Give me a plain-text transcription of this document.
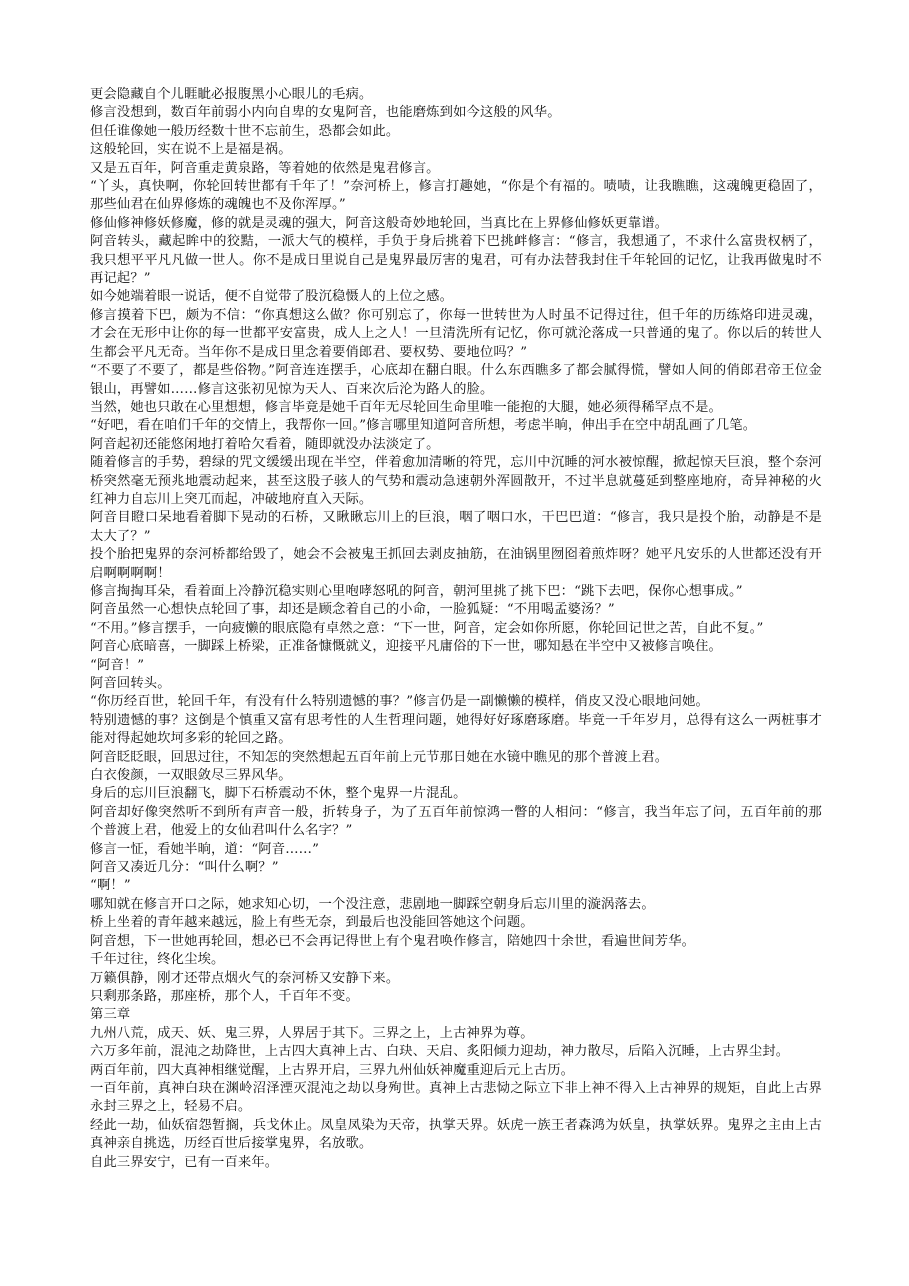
更会隐藏自个儿睚眦必报腹黑小心眼儿的毛病。

修言没想到，数百年前弱小内向自卑的女鬼阿音，也能磨炼到如今这般的风华。

但任谁像她一般历经数十世不忘前生，恐都会如此。

这般轮回，实在说不上是福是祸。

又是五百年，阿音重走黄泉路，等着她的依然是鬼君修言。

“丫头，真快啊，你轮回转世都有千年了！”奈河桥上，修言打趣她，“你是个有福的。啧啧，让我瞧瞧，这魂魄更稳固了，那些仙君在仙界修炼的魂魄也不及你浑厚。”

修仙修神修妖修魔，修的就是灵魂的强大，阿音这般奇妙地轮回，当真比在上界修仙修妖更靠谱。

阿音转头，藏起眸中的狡黠，一派大气的模样，手负于身后挑着下巴挑衅修言：“修言，我想通了，不求什么富贵权柄了，我只想平平凡凡做一世人。你不是成日里说自己是鬼界最厉害的鬼君，可有办法替我封住千年轮回的记忆，让我再做鬼时不再记起？”

如今她端着眼一说话，便不自觉带了股沉稳慑人的上位之感。

修言摸着下巴，颇为不信：“你真想这么做？你可别忘了，你每一世转世为人时虽不记得过往，但千年的历练烙印进灵魂，才会在无形中让你的每一世都平安富贵，成人上之人！一旦清洗所有记忆，你可就沦落成一只普通的鬼了。你以后的转世人生都会平凡无奇。当年你不是成日里念着要俏郎君、要权势、要地位吗？”

“不要了不要了，都是些俗物。”阿音连连摆手，心底却在翻白眼。什么东西瞧多了都会腻得慌，譬如人间的俏郎君帝王位金银山，再譬如……修言这张初见惊为天人、百来次后沦为路人的脸。

当然，她也只敢在心里想想，修言毕竟是她千百年无尽轮回生命里唯一能抱的大腿，她必须得稀罕点不是。

“好吧，看在咱们千年的交情上，我帮你一回。”修言哪里知道阿音所想，考虑半晌，伸出手在空中胡乱画了几笔。

阿音起初还能悠闲地打着哈欠看着，随即就没办法淡定了。

随着修言的手势，碧绿的咒文缓缓出现在半空，伴着愈加清晰的符咒，忘川中沉睡的河水被惊醒，掀起惊天巨浪，整个奈河桥突然毫无预兆地震动起来，甚至这股子骇人的气势和震动急速朝外浑圆散开，不过半息就蔓延到整座地府，奇异神秘的火红神力自忘川上突兀而起，冲破地府直入天际。

阿音目瞪口呆地看着脚下晃动的石桥，又瞅瞅忘川上的巨浪，咽了咽口水，干巴巴道：“修言，我只是投个胎，动静是不是太大了？”

投个胎把鬼界的奈河桥都给毁了，她会不会被鬼王抓回去剥皮抽筋，在油锅里囫囵着煎炸呀？她平凡安乐的人世都还没有开启啊啊啊啊！

修言掏掏耳朵，看着面上冷静沉稳实则心里咆哮怒吼的阿音，朝河里挑了挑下巴：“跳下去吧，保你心想事成。”

阿音虽然一心想快点轮回了事，却还是顾念着自己的小命，一脸狐疑：“不用喝孟婆汤？”

“不用。”修言摆手，一向疲懒的眼底隐有卓然之意：“下一世，阿音，定会如你所愿，你轮回记世之苦，自此不复。”

阿音心底暗喜，一脚踩上桥梁，正准备慷慨就义，迎接平凡庸俗的下一世，哪知悬在半空中又被修言唤住。

“阿音！”

阿音回转头。

“你历经百世，轮回千年，有没有什么特别遗憾的事？”修言仍是一副懒懒的模样，俏皮又没心眼地问她。

特别遗憾的事？这倒是个慎重又富有思考性的人生哲理问题，她得好好琢磨琢磨。毕竟一千年岁月，总得有这么一两桩事才能对得起她坎坷多彩的轮回之路。

阿音眨眨眼，回思过往，不知怎的突然想起五百年前上元节那日她在水镜中瞧见的那个普渡上君。

白衣俊颜，一双眼敛尽三界风华。

身后的忘川巨浪翻飞，脚下石桥震动不休，整个鬼界一片混乱。

阿音却好像突然听不到所有声音一般，折转身子，为了五百年前惊鸿一瞥的人相问：“修言，我当年忘了问，五百年前的那个普渡上君，他爱上的女仙君叫什么名字？”

修言一怔，看她半晌，道：“阿音……”

阿音又凑近几分：“叫什么啊？”

“啊！”

哪知就在修言开口之际，她求知心切，一个没注意，悲剧地一脚踩空朝身后忘川里的漩涡落去。

桥上坐着的青年越来越远，脸上有些无奈，到最后也没能回答她这个问题。

阿音想，下一世她再轮回，想必已不会再记得世上有个鬼君唤作修言，陪她四十余世，看遍世间芳华。

千年过往，终化尘埃。

万籁俱静，刚才还带点烟火气的奈河桥又安静下来。

只剩那条路，那座桥，那个人，千百年不变。

第三章

九州八荒，成天、妖、鬼三界，人界居于其下。三界之上，上古神界为尊。

六万多年前，混沌之劫降世，上古四大真神上古、白玦、天启、炙阳倾力迎劫，神力散尽，后陷入沉睡，上古界尘封。

两百年前，四大真神相继觉醒，上古界开启，三界九州仙妖神魔重迎后元上古历。

一百年前，真神白玦在渊岭沼泽湮灭混沌之劫以身殉世。真神上古悲恸之际立下非上神不得入上古神界的规矩，自此上古界永封三界之上，轻易不启。

经此一劫，仙妖宿怨暂搁，兵戈休止。凤皇凤染为天帝，执掌天界。妖虎一族王者森鸿为妖皇，执掌妖界。鬼界之主由上古真神亲自挑选，历经百世后接掌鬼界，名放歌。

自此三界安宁，已有一百来年。
